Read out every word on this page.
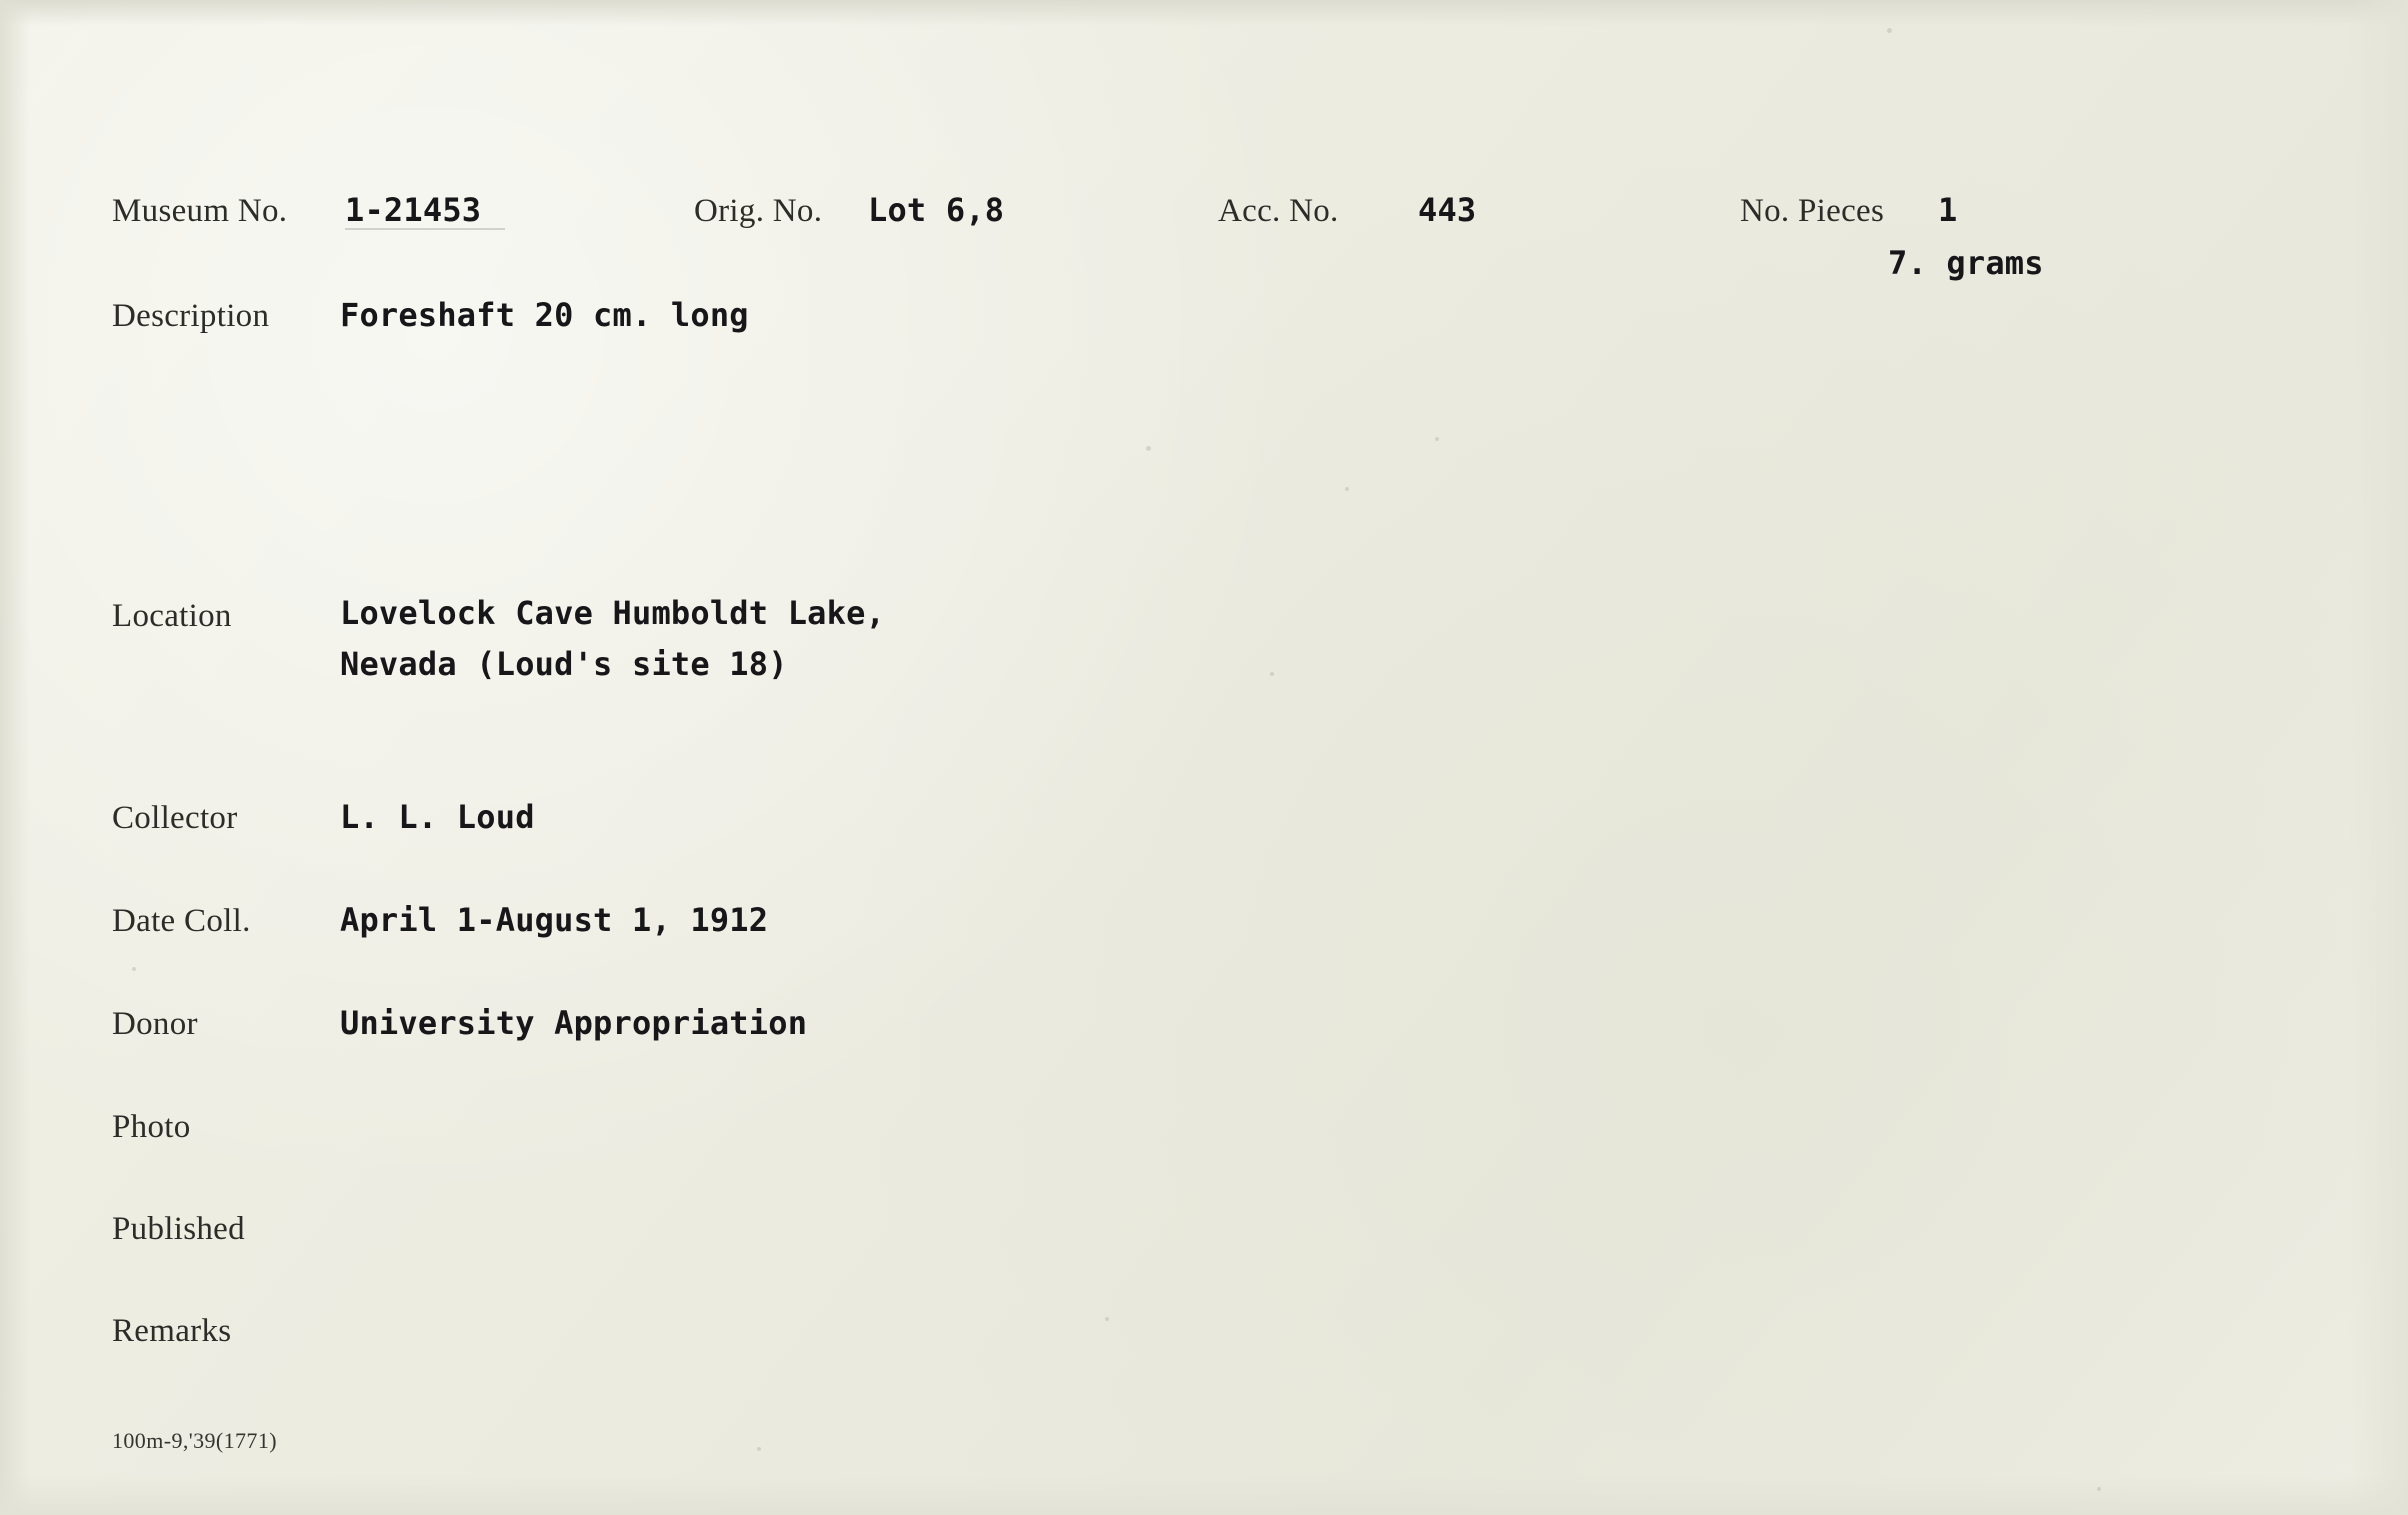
Museum No. 1-21453	Orig. No. Lot 6,8	Acc. No. 443	No. Pieces 1
7. grams
Description Foreshaft 20 cm. long
Location	Lovelock Cave Humboldt Lake,
Nevada (Loud's site 18)
Collector	L. L. Loud
Date Coll.	April 1-August 1, 1912
Donor	University Appropriation
Photo
Published
Remarks
100m-9,'39(1771)
